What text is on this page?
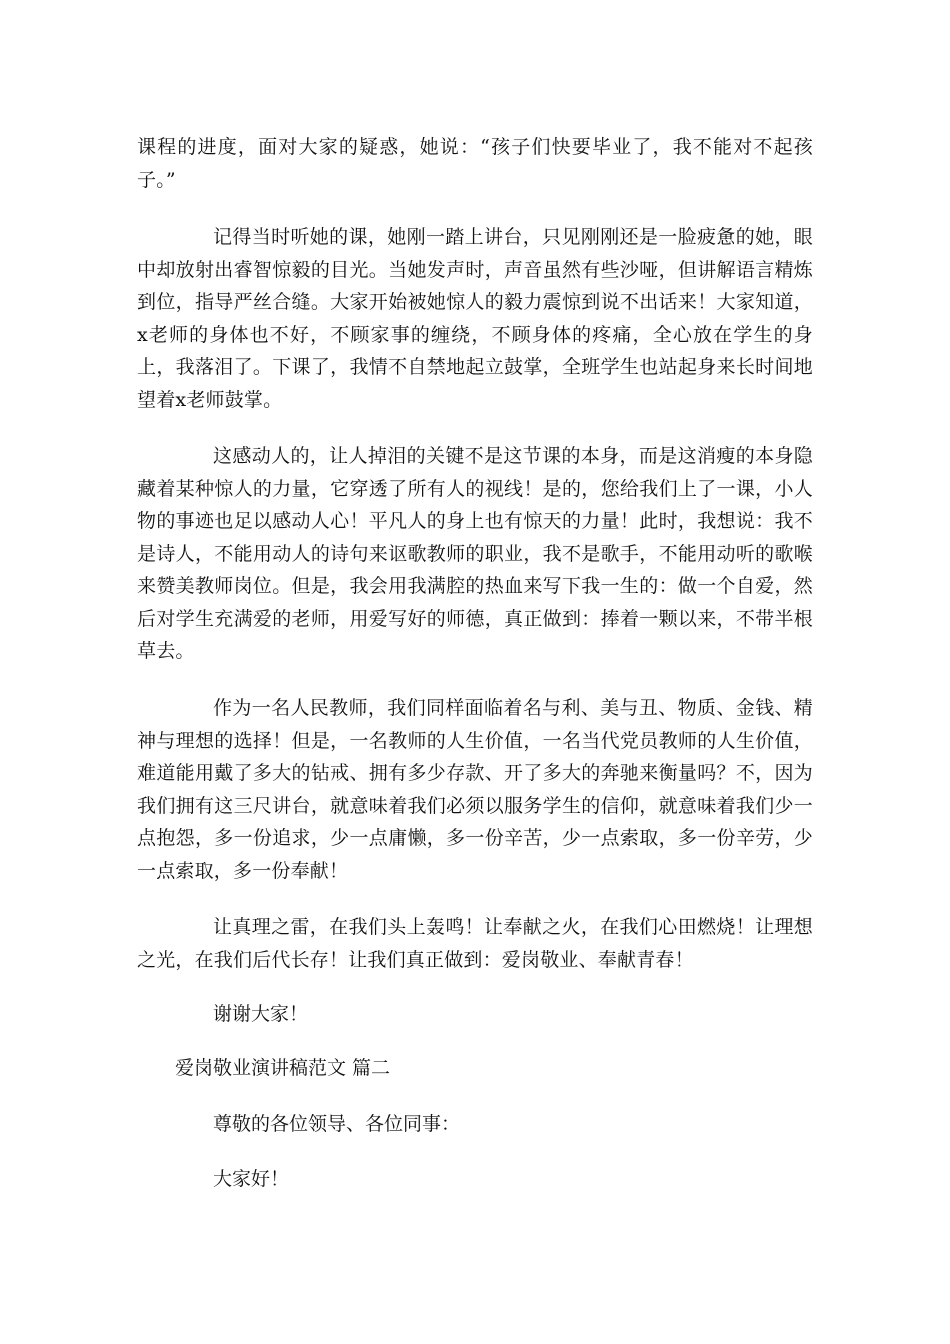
课程的进度，面对大家的疑惑，她说：“孩子们快要毕业了，我不能对不起孩子。”

记得当时听她的课，她刚一踏上讲台，只见刚刚还是一脸疲惫的她，眼中却放射出睿智惊毅的目光。当她发声时，声音虽然有些沙哑，但讲解语言精炼到位，指导严丝合缝。大家开始被她惊人的毅力震惊到说不出话来！大家知道，x老师的身体也不好，不顾家事的缠绕，不顾身体的疼痛，全心放在学生的身上，我落泪了。下课了，我情不自禁地起立鼓掌，全班学生也站起身来长时间地望着x老师鼓掌。

这感动人的，让人掉泪的关键不是这节课的本身，而是这消瘦的本身隐藏着某种惊人的力量，它穿透了所有人的视线！是的，您给我们上了一课，小人物的事迹也足以感动人心！平凡人的身上也有惊天的力量！此时，我想说：我不是诗人，不能用动人的诗句来讴歌教师的职业，我不是歌手，不能用动听的歌喉来赞美教师岗位。但是，我会用我满腔的热血来写下我一生的：做一个自爱，然后对学生充满爱的老师，用爱写好的师德，真正做到：捧着一颗以来，不带半根草去。

作为一名人民教师，我们同样面临着名与利、美与丑、物质、金钱、精神与理想的选择！但是，一名教师的人生价值，一名当代党员教师的人生价值，难道能用戴了多大的钻戒、拥有多少存款、开了多大的奔驰来衡量吗？不，因为我们拥有这三尺讲台，就意味着我们必须以服务学生的信仰，就意味着我们少一点抱怨，多一份追求，少一点庸懒，多一份辛苦，少一点索取，多一份辛劳，少一点索取，多一份奉献！

让真理之雷，在我们头上轰鸣！让奉献之火，在我们心田燃烧！让理想之光，在我们后代长存！让我们真正做到：爱岗敬业、奉献青春！

谢谢大家！

爱岗敬业演讲稿范文 篇二

尊敬的各位领导、各位同事：

大家好！
